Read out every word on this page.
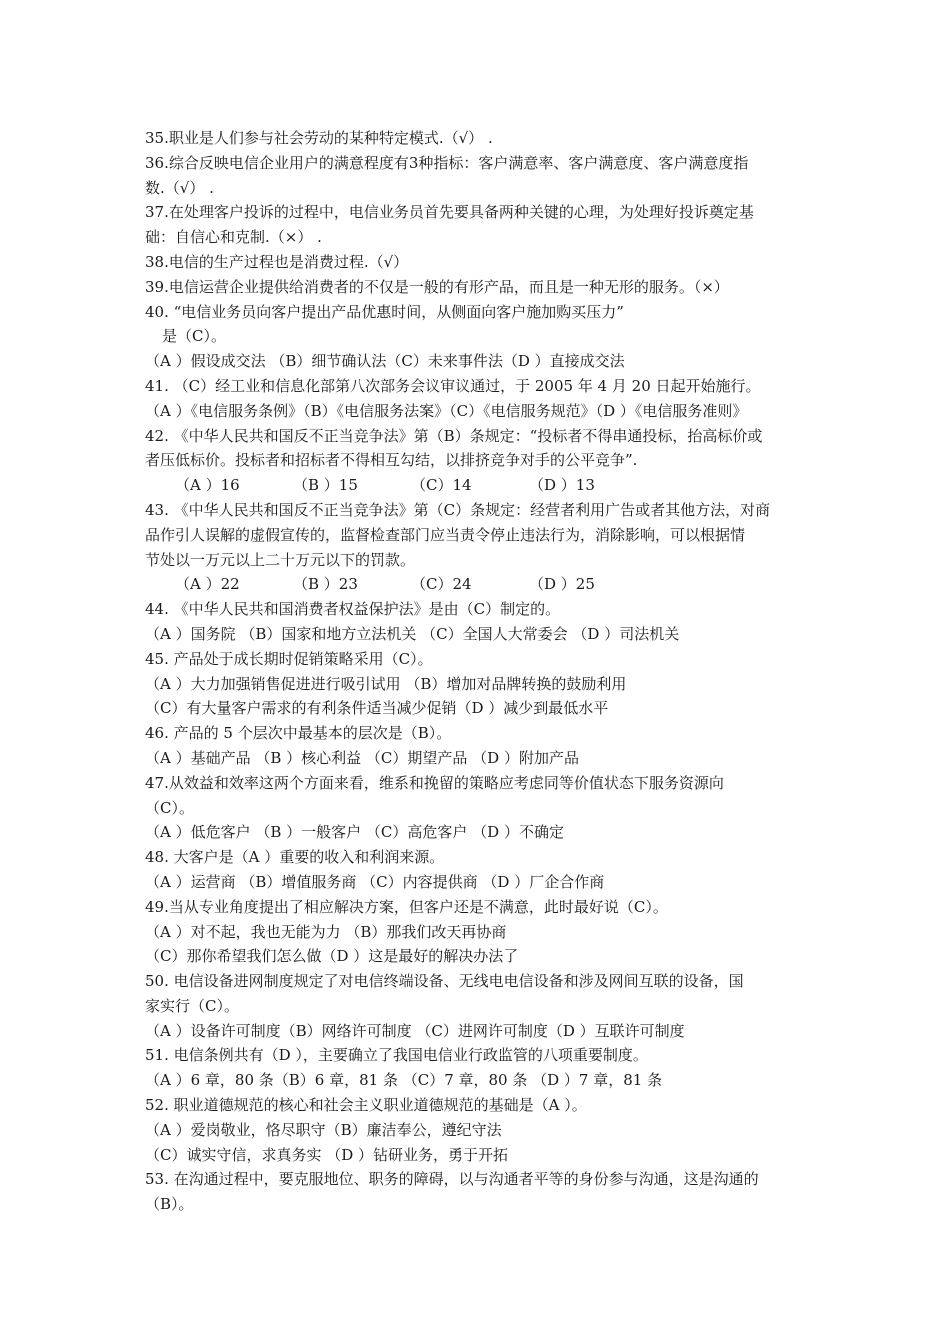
35.职业是人们参与社会劳动的某种特定模式.（√） .
36.综合反映电信企业用户的满意程度有3种指标：客户满意率、客户满意度、客户满意度指
数.（√） .
37.在处理客户投诉的过程中，电信业务员首先要具备两种关键的心理，为处理好投诉奠定基
础：自信心和克制.（×） .
38.电信的生产过程也是消费过程.（√）
39.电信运营企业提供给消费者的不仅是一般的有形产品，而且是一种无形的服务。（×）
40. “电信业务员向客户提出产品优惠时间，从侧面向客户施加购买压力”
是（C）。
（A ）假设成交法 （B）细节确认法（C）未来事件法（D ）直接成交法
41. （C）经工业和信息化部第八次部务会议审议通过，于 2005 年 4 月 20 日起开始施行。
（A ）《电信服务条例》（B）《电信服务法案》（C）《电信服务规范》（D ）《电信服务准则》
42. 《中华人民共和国反不正当竞争法》第（B）条规定：“投标者不得串通投标，抬高标价或
者压低标价。投标者和招标者不得相互勾结，以排挤竞争对手的公平竞争”.
（A ）16	（B ）15	（C）14	（D ）13
43. 《中华人民共和国反不正当竞争法》第（C）条规定：经营者利用广告或者其他方法，对商
品作引人误解的虚假宣传的，监督检查部门应当责令停止违法行为，消除影响，可以根据情
节处以一万元以上二十万元以下的罚款。
（A ）22	（B ）23	（C）24	（D ）25
44. 《中华人民共和国消费者权益保护法》是由（C）制定的。
（A ）国务院 （B）国家和地方立法机关 （C）全国人大常委会 （D ）司法机关
45. 产品处于成长期时促销策略采用（C）。
（A ）大力加强销售促进进行吸引试用 （B）增加对品牌转换的鼓励利用
（C）有大量客户需求的有利条件适当减少促销（D ）减少到最低水平
46. 产品的 5 个层次中最基本的层次是（B）。
（A ）基础产品 （B ）核心利益 （C）期望产品 （D ）附加产品
47.从效益和效率这两个方面来看，维系和挽留的策略应考虑同等价值状态下服务资源向
（C）。
（A ）低危客户 （B ）一般客户 （C）高危客户 （D ）不确定
48. 大客户是（A ）重要的收入和利润来源。
（A ）运营商 （B）增值服务商 （C）内容提供商 （D ）厂企合作商
49.当从专业角度提出了相应解决方案，但客户还是不满意，此时最好说（C）。
（A ）对不起，我也无能为力 （B）那我们改天再协商
（C）那你希望我们怎么做（D ）这是最好的解决办法了
50. 电信设备进网制度规定了对电信终端设备、无线电电信设备和涉及网间互联的设备，国
家实行（C）。
（A ）设备许可制度（B）网络许可制度 （C）进网许可制度（D ）互联许可制度
51. 电信条例共有（D ），主要确立了我国电信业行政监管的八项重要制度。
（A ）6 章，80 条（B）6 章，81 条 （C）7 章，80 条 （D ）7 章，81 条
52. 职业道德规范的核心和社会主义职业道德规范的基础是（A ）。
（A ）爱岗敬业，恪尽职守（B）廉洁奉公，遵纪守法
（C）诚实守信，求真务实 （D ）钻研业务，勇于开拓
53. 在沟通过程中，要克服地位、职务的障碍，以与沟通者平等的身份参与沟通，这是沟通的
（B）。
